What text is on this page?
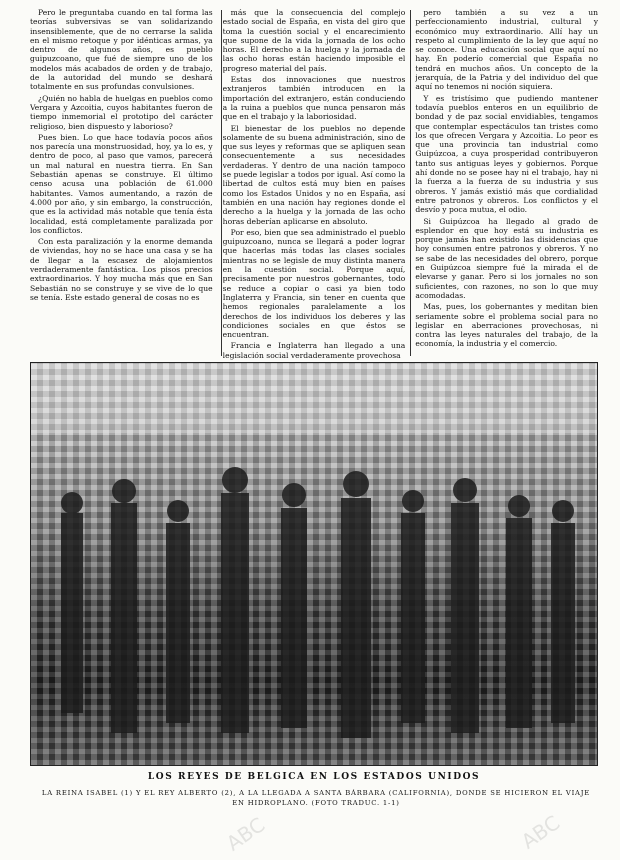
Pero le preguntaba cuando en tal forma las teorías subversivas se van solidarizando insensiblemente, que de no cerrarse la salida en el mismo retoque y por idénticas armas, ya dentro de algunos años, es pueblo guipuzcoano, que fué de siempre uno de los modelos más acabados de orden y de trabajo, de la autoridad del mundo se deshará totalmente en sus profundas convulsiones.

¿Quién no habla de huelgas en pueblos como Vergara y Azcoitia, cuyos habitantes fueron de tiempo inmemorial el prototipo del carácter religioso, bien dispuesto y laborioso?

Pues bien. Lo que hace todavía pocos años nos parecía una monstruosidad, hoy, ya lo es, y dentro de poco, al paso que vamos, parecerá un mal natural en nuestra tierra. En San Sebastián apenas se construye. El último censo acusa una población de 61.000 habitantes. Vamos aumentando, a razón de 4.000 por año, y sin embargo, la construcción, que es la actividad más notable que tenía ésta localidad, está completamente paralizada por los conflictos.

Con esta paralización y la enorme demanda de viviendas, hoy no se hace una casa y se ha de llegar a la escasez de alojamientos verdaderamente fantástica. Los pisos precios extraordinarios. Y hoy mucha más que en San Sebastián no se construye y se vive de lo que se tenía. Este estado general de cosas no es

más que la consecuencia del complejo estado social de España, en vista del giro que toma la cuestión social y el encarecimiento que supone de la vida la jornada de los ocho horas. El derecho a la huelga y la jornada de las ocho horas están haciendo imposible el progreso material del país.

Estas dos innovaciones que nuestros extranjeros también introducen en la importación del extranjero, están conduciendo a la ruina a pueblos que nunca pensaron más que en el trabajo y la laboriosidad.

El bienestar de los pueblos no depende solamente de su buena administración, sino de que sus leyes y reformas que se apliquen sean consecuentemente a sus necesidades verdaderas. Y dentro de una nación tampoco se puede legislar a todos por igual. Así como la libertad de cultos está muy bien en países como los Estados Unidos y no en España, así también en una nación hay regiones donde el derecho a la huelga y la jornada de las ocho horas deberían aplicarse en absoluto.

Por eso, bien que sea administrado el pueblo guipuzcoano, nunca se llegará a poder lograr que hacerlas más todas las clases sociales mientras no se legisle de muy distinta manera en la cuestión social. Porque aquí, precisamente por nuestros gobernantes, todo se reduce a copiar o casi ya bien todo Inglaterra y Francia, sin tener en cuenta que hemos regionales paralelamente a los derechos de los individuos los deberes y las condiciones sociales en que éstos se encuentran.

Francia e Inglaterra han llegado a una legislación social verdaderamente provechosa

pero también a su vez a un perfeccionamiento industrial, cultural y económico muy extraordinario. Allí hay un respeto al cumplimiento de la ley que aquí no se conoce. Una educación social que aquí no hay. En poderío comercial que España no tendrá en muchos años. Un concepto de la jerarquía, de la Patria y del individuo del que aquí no tenemos ni noción siquiera.

Y es tristísimo que pudiendo mantener todavía pueblos enteros en un equilibrio de bondad y de paz social envidiables, tengamos que contemplar espectáculos tan tristes como los que ofrecen Vergara y Azcoitia. Lo peor es que una provincia tan industrial como Guipúzcoa, a cuya prosperidad contribuyeron tanto sus antiguas leyes y gobiernos. Porque ahí donde no se posee hay ni el trabajo, hay ni la fuerza a la fuerza de su industria y sus obreros. Y jamás existió más que cordialidad entre patronos y obreros. Los conflictos y el desvío y poca mutua, el odio.

Si Guipúzcoa ha llegado al grado de esplendor en que hoy está su industria es porque jamás han existido las disidencias que hoy consumen entre patronos y obreros. Y no se sabe de las necesidades del obrero, porque en Guipúzcoa siempre fué la mirada el de elevarse y ganar. Pero si los jornales no son suficientes, con razones, no son lo que muy acomodadas.

Mas, pues, los gobernantes y meditan bien seriamente sobre el problema social para no legislar en aberraciones provechosas, ni contra las leyes naturales del trabajo, de la economía, la industria y el comercio.

LOS REYES DE BELGICA EN LOS ESTADOS UNIDOS
LA REINA ISABEL (1) Y EL REY ALBERTO (2), A LA LLEGADA A SANTA BÁRBARA (CALIFORNIA), DONDE SE HICIERON EL VIAJE EN HIDROPLANO. (FOTO TRADUC. 1-1)
ABC	ABC
